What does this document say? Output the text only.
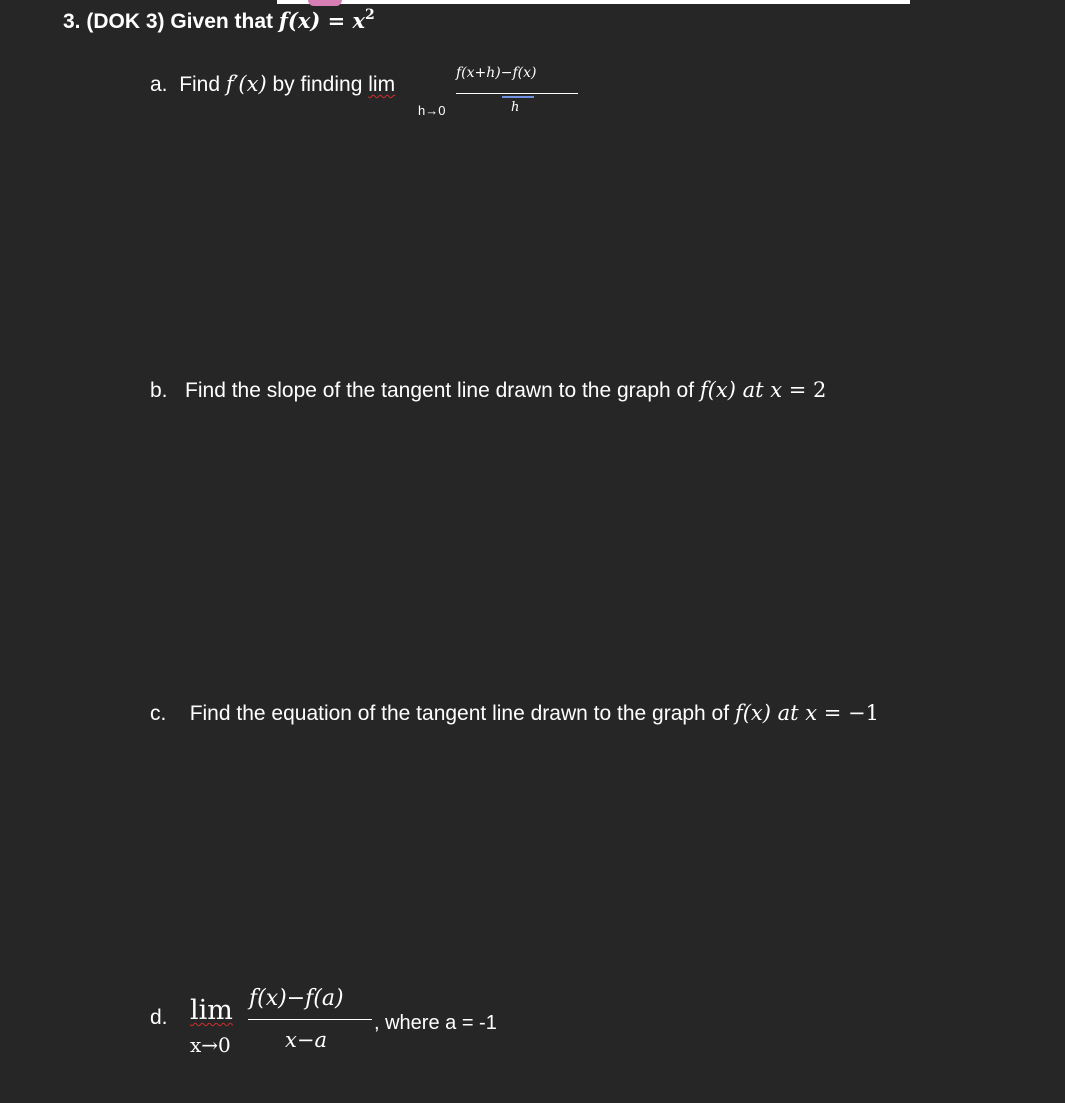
3. (DOK 3) Given that $f(x) = x^2$
a. Find f′(x) by finding lim
h→0
f(x+h)−f(x)
h
b. Find the slope of the tangent line drawn to the graph of f(x) at x = 2
c. Find the equation of the tangent line drawn to the graph of f(x) at x = −1
d. lim
x→0
f(x)−f(a)
x−a
, where a = -1
